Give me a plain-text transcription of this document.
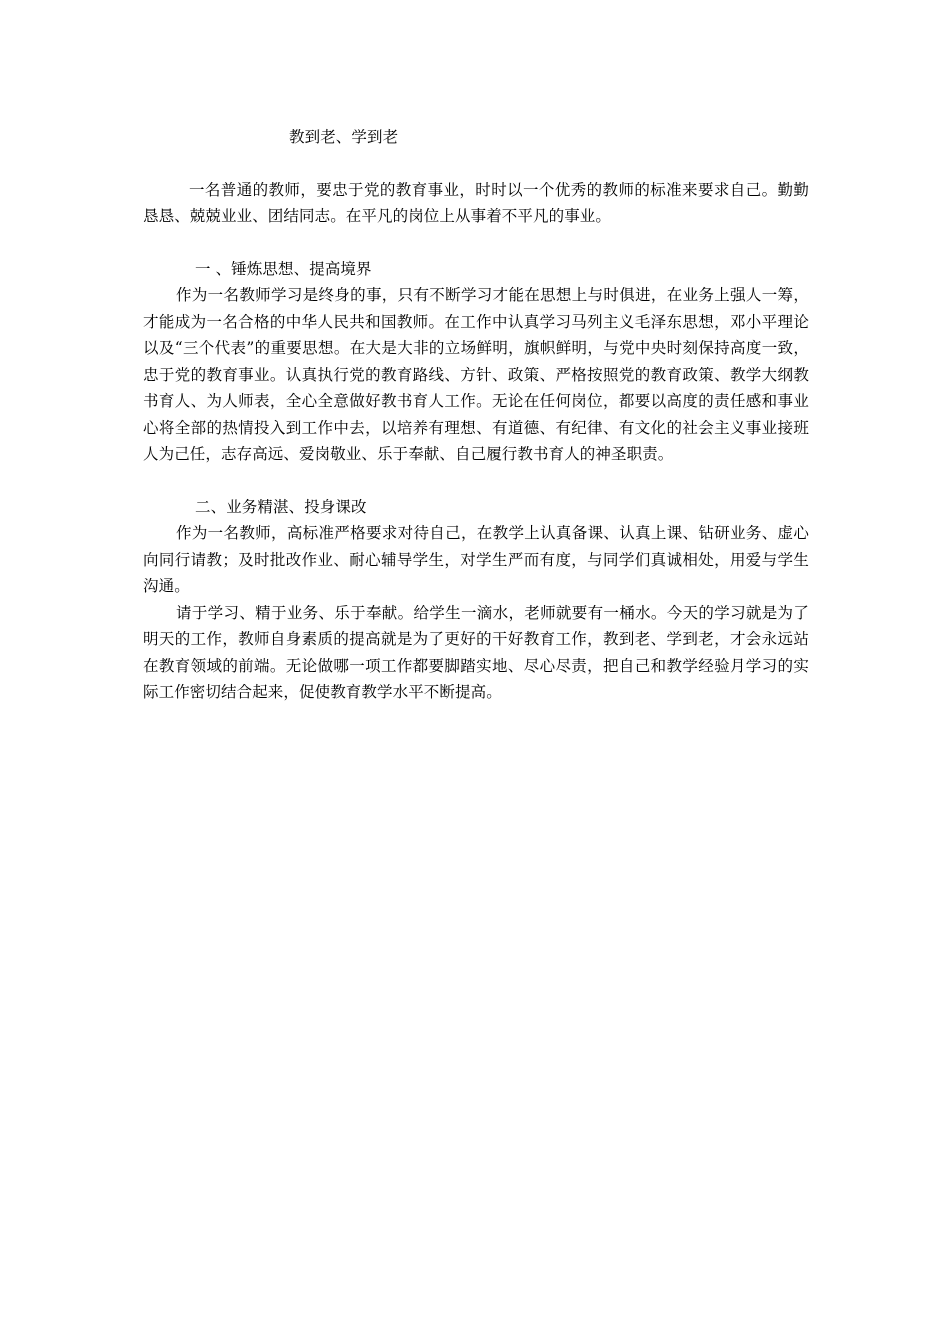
教到老、学到老

一名普通的教师，要忠于党的教育事业，时时以一个优秀的教师的标准来要求自己。勤勤恳恳、兢兢业业、团结同志。在平凡的岗位上从事着不平凡的事业。

一 、锤炼思想、提高境界

作为一名教师学习是终身的事，只有不断学习才能在思想上与时俱进，在业务上强人一筹，才能成为一名合格的中华人民共和国教师。在工作中认真学习马列主义毛泽东思想，邓小平理论以及“三个代表”的重要思想。在大是大非的立场鲜明，旗帜鲜明，与党中央时刻保持高度一致，忠于党的教育事业。认真执行党的教育路线、方针、政策、严格按照党的教育政策、教学大纲教书育人、为人师表，全心全意做好教书育人工作。无论在任何岗位，都要以高度的责任感和事业心将全部的热情投入到工作中去，以培养有理想、有道德、有纪律、有文化的社会主义事业接班人为己任，志存高远、爱岗敬业、乐于奉献、自己履行教书育人的神圣职责。

二、业务精湛、投身课改

作为一名教师，高标准严格要求对待自己，在教学上认真备课、认真上课、钻研业务、虚心向同行请教；及时批改作业、耐心辅导学生，对学生严而有度，与同学们真诚相处，用爱与学生沟通。

请于学习、精于业务、乐于奉献。给学生一滴水，老师就要有一桶水。今天的学习就是为了明天的工作，教师自身素质的提高就是为了更好的干好教育工作，教到老、学到老，才会永远站在教育领域的前端。无论做哪一项工作都要脚踏实地、尽心尽责，把自己和教学经验月学习的实际工作密切结合起来，促使教育教学水平不断提高。
